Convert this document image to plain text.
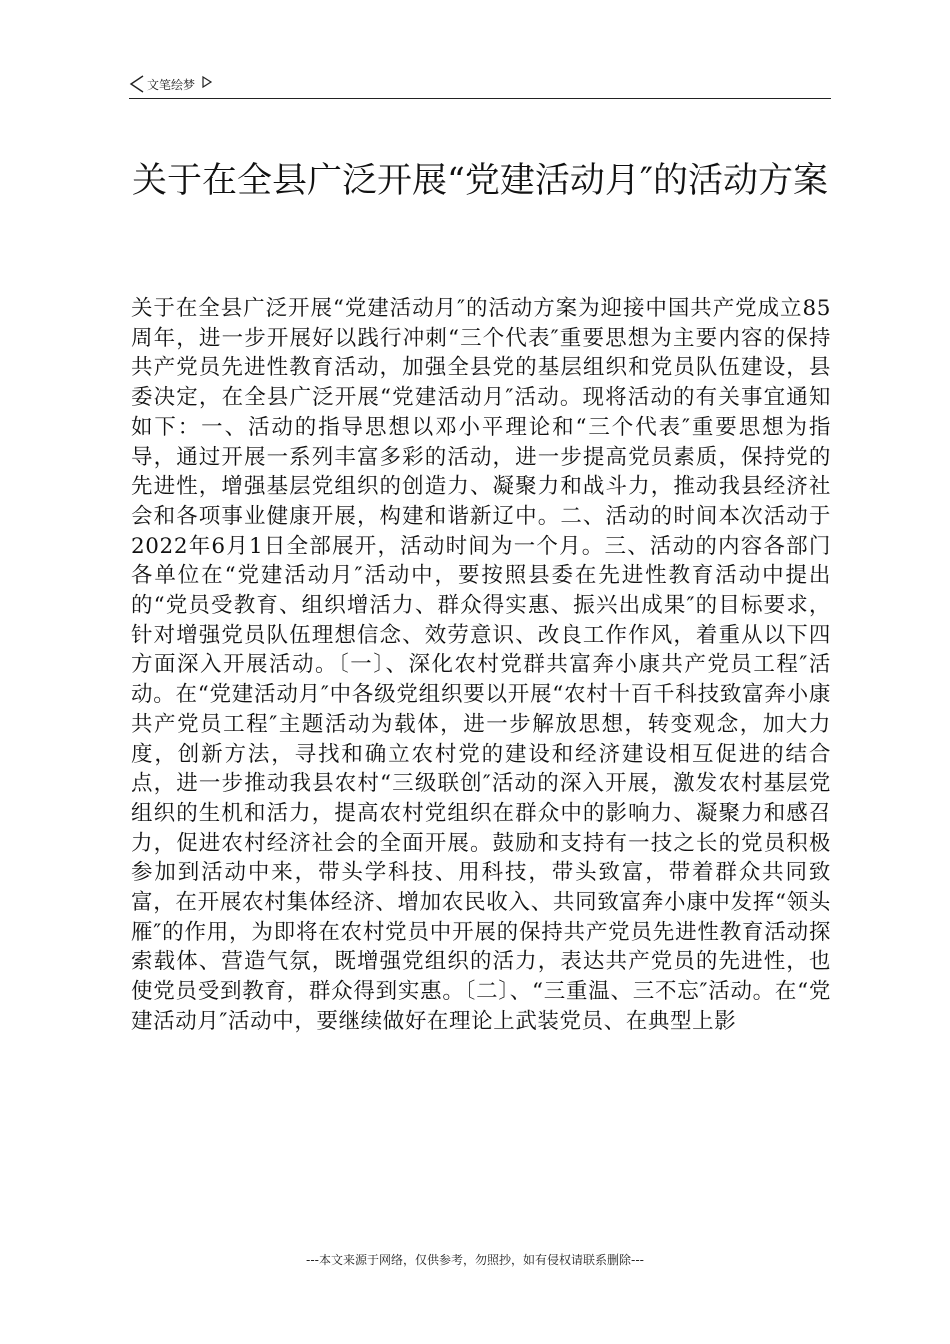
文笔绘梦
关于在全县广泛开展“党建活动月″的活动方案

关于在全县广泛开展“党建活动月″的活动方案为迎接中国共产党成立85周年，进一步开展好以践行冲刺“三个代表″重要思想为主要内容的保持共产党员先进性教育活动，加强全县党的基层组织和党员队伍建设，县委决定，在全县广泛开展“党建活动月″活动。现将活动的有关事宜通知如下：一、活动的指导思想以邓小平理论和“三个代表″重要思想为指导，通过开展一系列丰富多彩的活动，进一步提高党员素质，保持党的先进性，增强基层党组织的创造力、凝聚力和战斗力，推动我县经济社会和各项事业健康开展，构建和谐新辽中。二、活动的时间本次活动于2022年6月1日全部展开，活动时间为一个月。三、活动的内容各部门各单位在“党建活动月″活动中，要按照县委在先进性教育活动中提出的“党员受教育、组织增活力、群众得实惠、振兴出成果″的目标要求，针对增强党员队伍理想信念、效劳意识、改良工作作风，着重从以下四方面深入开展活动。〔一〕、深化农村党群共富奔小康共产党员工程″活动。在“党建活动月″中各级党组织要以开展“农村十百千科技致富奔小康共产党员工程″主题活动为载体，进一步解放思想，转变观念，加大力度，创新方法，寻找和确立农村党的建设和经济建设相互促进的结合点，进一步推动我县农村“三级联创″活动的深入开展，激发农村基层党组织的生机和活力，提高农村党组织在群众中的影响力、凝聚力和感召力，促进农村经济社会的全面开展。鼓励和支持有一技之长的党员积极参加到活动中来，带头学科技、用科技，带头致富，带着群众共同致富，在开展农村集体经济、增加农民收入、共同致富奔小康中发挥“领头雁″的作用，为即将在农村党员中开展的保持共产党员先进性教育活动探索载体、营造气氛，既增强党组织的活力，表达共产党员的先进性，也使党员受到教育，群众得到实惠。〔二〕、“三重温、三不忘″活动。在“党建活动月″活动中，要继续做好在理论上武装党员、在典型上影

---本文来源于网络，仅供参考，勿照抄，如有侵权请联系删除---
